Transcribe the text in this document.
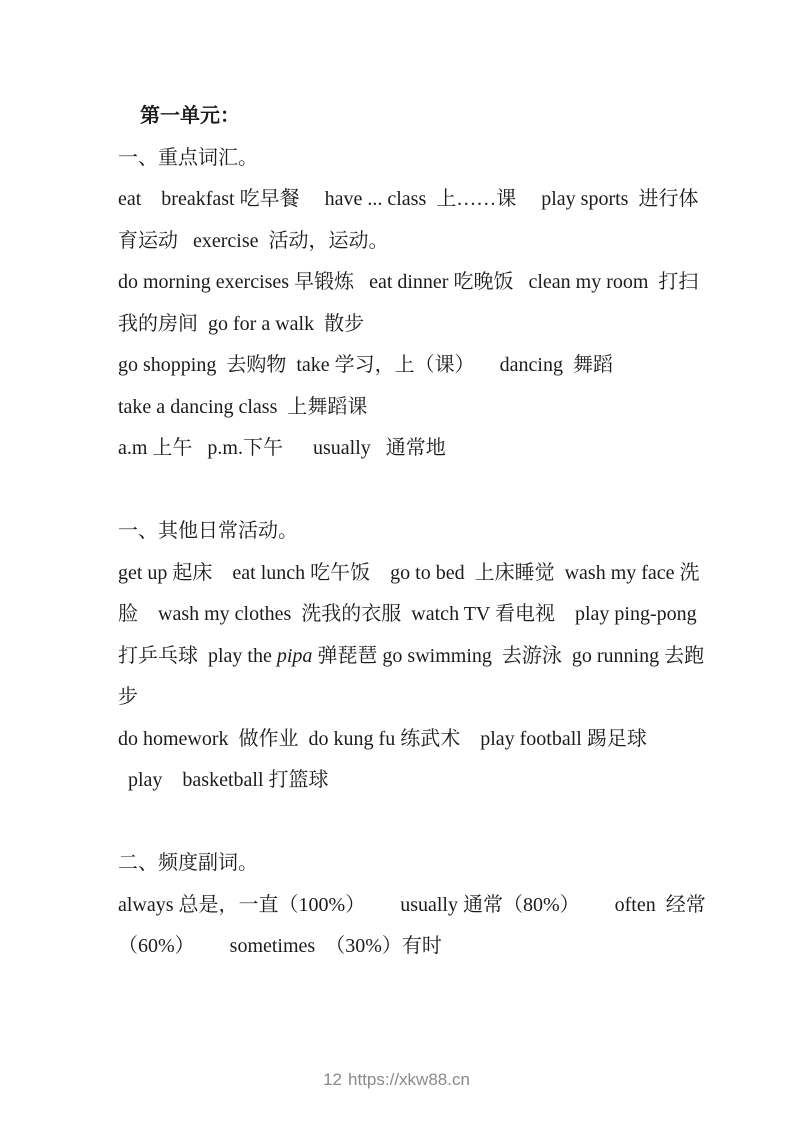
第一单元：
一、重点词汇。
eat    breakfast 吃早餐     have ... class  上……课     play sports  进行体
育运动   exercise  活动，运动。
do morning exercises 早锻炼   eat dinner 吃晚饭   clean my room  打扫
我的房间  go for a walk  散步
go shopping  去购物  take 学习，上（课）     dancing  舞蹈
take a dancing class  上舞蹈课
a.m 上午   p.m.下午      usually   通常地
一、其他日常活动。
get up 起床    eat lunch 吃午饭    go to bed  上床睡觉  wash my face 洗
脸    wash my clothes  洗我的衣服  watch TV 看电视    play ping-pong
打乒乓球  play the pipa 弹琵琶 go swimming  去游泳  go running 去跑
步
do homework  做作业  do kung fu 练武术    play football 踢足球
play    basketball 打篮球
二、频度副词。
always 总是，一直（100%）       usually 通常（80%）       often  经常
（60%）       sometimes  （30%）有时
12 https://xkw88.cn
